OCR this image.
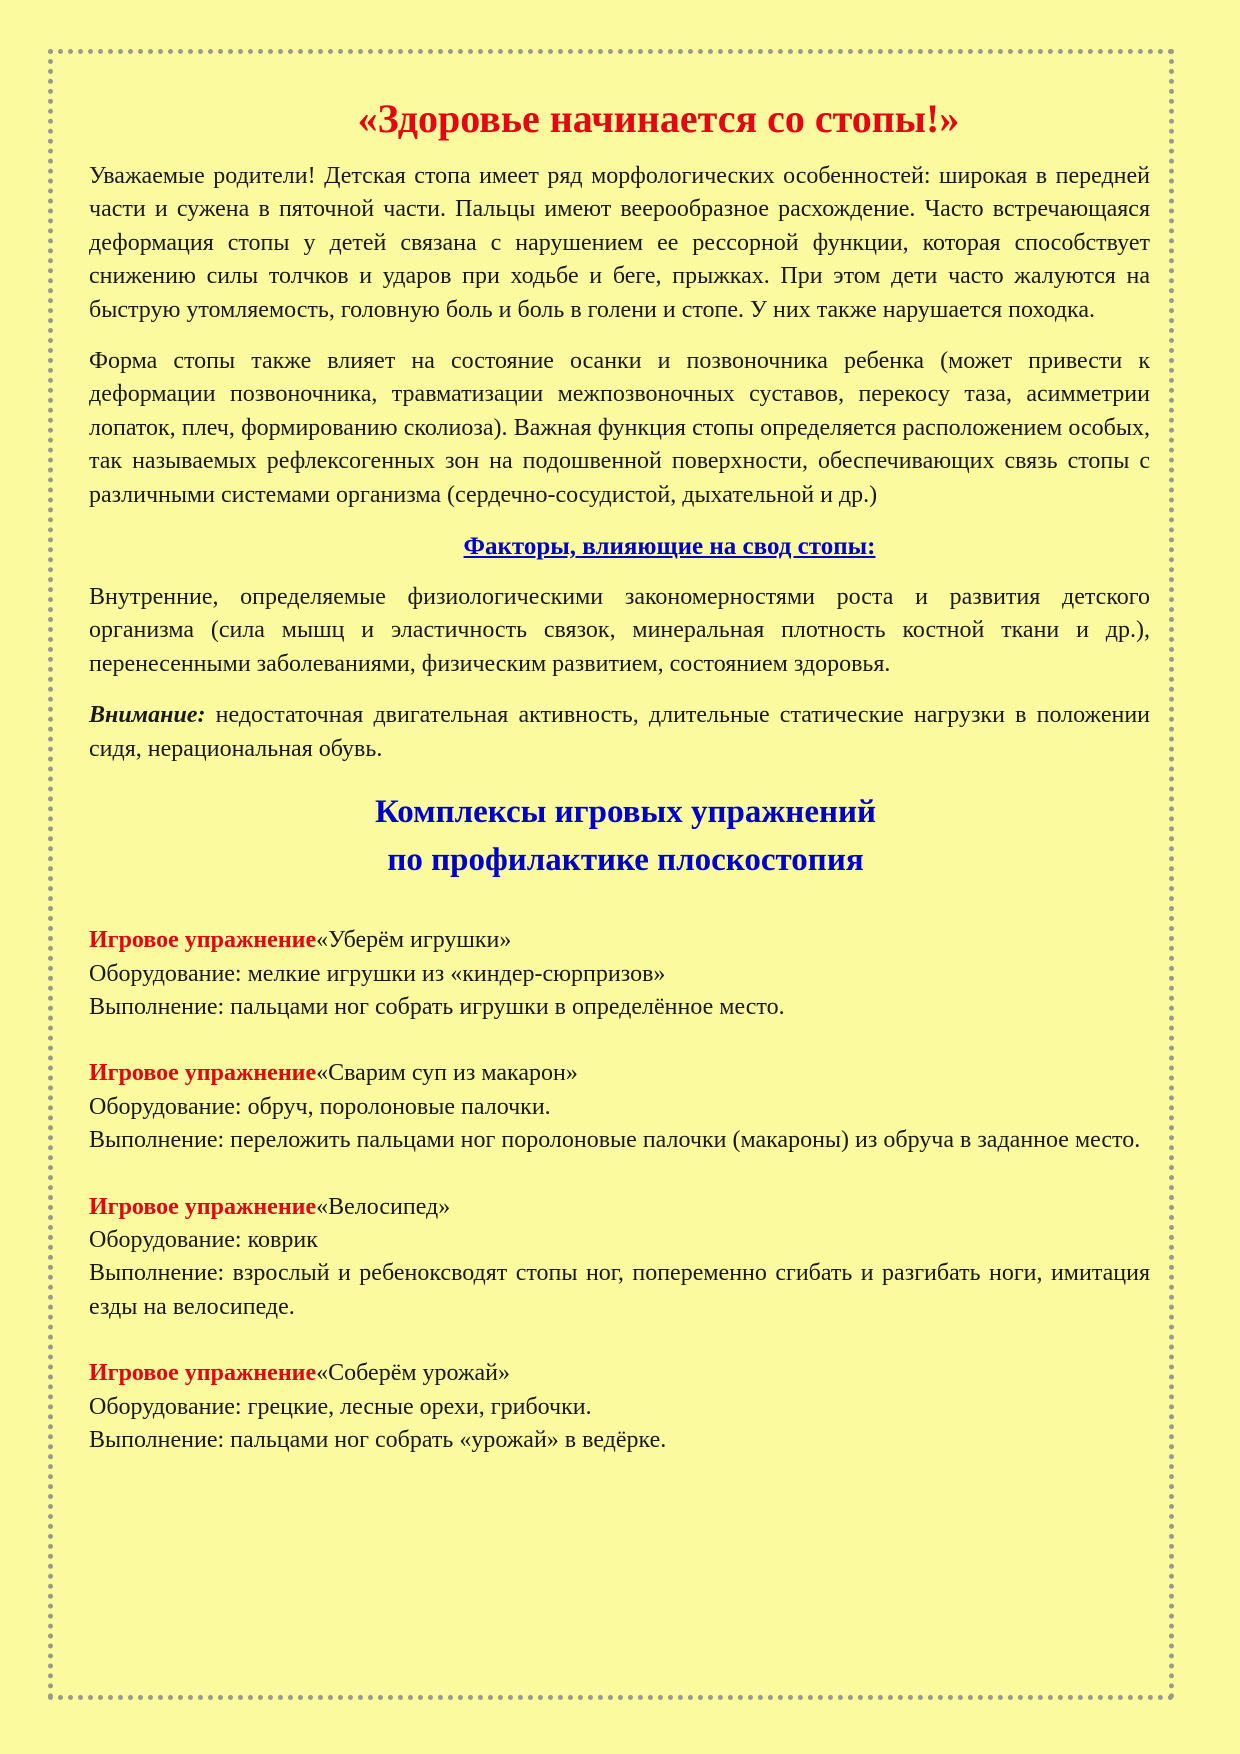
«Здоровье начинается со стопы!»

Уважаемые родители! Детская стопа имеет ряд морфологических особенностей: широкая в передней части и сужена в пяточной части. Пальцы имеют веерообразное расхождение. Часто встречающаяся деформация стопы у детей связана с нарушением ее рессорной функции, которая способствует снижению силы толчков и ударов при ходьбе и беге, прыжках. При этом дети часто жалуются на быструю утомляемость, головную боль и боль в голени и стопе. У них также нарушается походка.

Форма стопы также влияет на состояние осанки и позвоночника ребенка (может привести к деформации позвоночника, травматизации межпозвоночных суставов, перекосу таза, асимметрии лопаток, плеч, формированию сколиоза). Важная функция стопы определяется расположением особых, так называемых рефлексогенных зон на подошвенной поверхности, обеспечивающих связь стопы с различными системами организма (сердечно-сосудистой, дыхательной и др.)

Факторы, влияющие на свод стопы:

Внутренние, определяемые физиологическими закономерностями роста и развития детского организма (сила мышц и эластичность связок, минеральная плотность костной ткани и др.), перенесенными заболеваниями, физическим развитием, состоянием здоровья.

Внимание: недостаточная двигательная активность, длительные статические нагрузки в положении сидя, нерациональная обувь.

Комплексы игровых упражнений
по профилактике плоскостопия

Игровое упражнение«Уберём игрушки»

Оборудование: мелкие игрушки из «киндер-сюрпризов»

Выполнение: пальцами ног собрать игрушки в определённое место.

Игровое упражнение«Сварим суп из макарон»

Оборудование: обруч, поролоновые палочки.

Выполнение: переложить пальцами ног поролоновые палочки (макароны) из обруча в заданное место.

Игровое упражнение«Велосипед»

Оборудование: коврик

Выполнение: взрослый и ребеноксводят стопы ног, попеременно сгибать и разгибать ноги, имитация езды на велосипеде.

Игровое упражнение«Соберём урожай»

Оборудование: грецкие, лесные орехи, грибочки.

Выполнение: пальцами ног собрать «урожай» в ведёрке.
